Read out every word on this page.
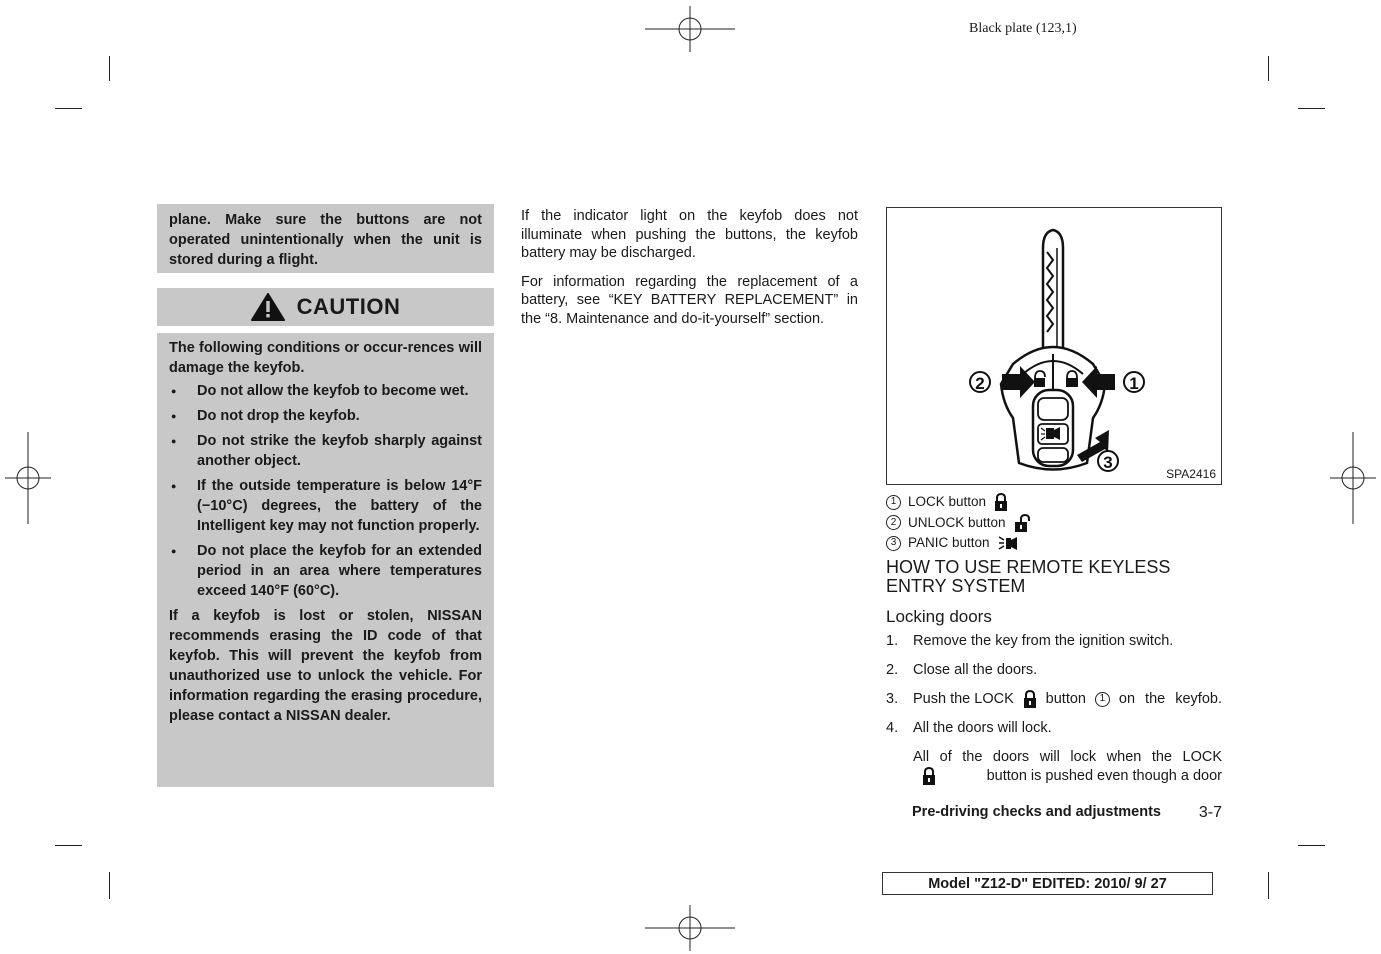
Black plate (123,1)
plane. Make sure the buttons are not operated unintentionally when the unit is stored during a flight.
CAUTION

The following conditions or occur-rences will damage the keyfob.

● Do not allow the keyfob to become wet.
● Do not drop the keyfob.
● Do not strike the keyfob sharply against another object.
● If the outside temperature is below 14°F (−10°C) degrees, the battery of the Intelligent key may not function properly.
● Do not place the keyfob for an extended period in an area where temperatures exceed 140°F (60°C).

If a keyfob is lost or stolen, NISSAN recommends erasing the ID code of that keyfob. This will prevent the keyfob from unauthorized use to unlock the vehicle. For information regarding the erasing procedure, please contact a NISSAN dealer.

If the indicator light on the keyfob does not illuminate when pushing the buttons, the keyfob battery may be discharged.

For information regarding the replacement of a battery, see “KEY BATTERY REPLACEMENT” in the “8. Maintenance and do-it-yourself” section.

2	1
3
SPA2416
1 LOCK button
2 UNLOCK button
3 PANIC button
HOW TO USE REMOTE KEYLESS ENTRY SYSTEM
Locking doors
1. Remove the key from the ignition switch.
2. Close all the doors.
3. Push the LOCK button	1 on the keyfob.
4. All the doors will lock.
All of the doors will lock when the LOCK
button is pushed even though a door
Pre-driving checks and adjustments 3-7
Model "Z12-D" EDITED: 2010/ 9/ 27
